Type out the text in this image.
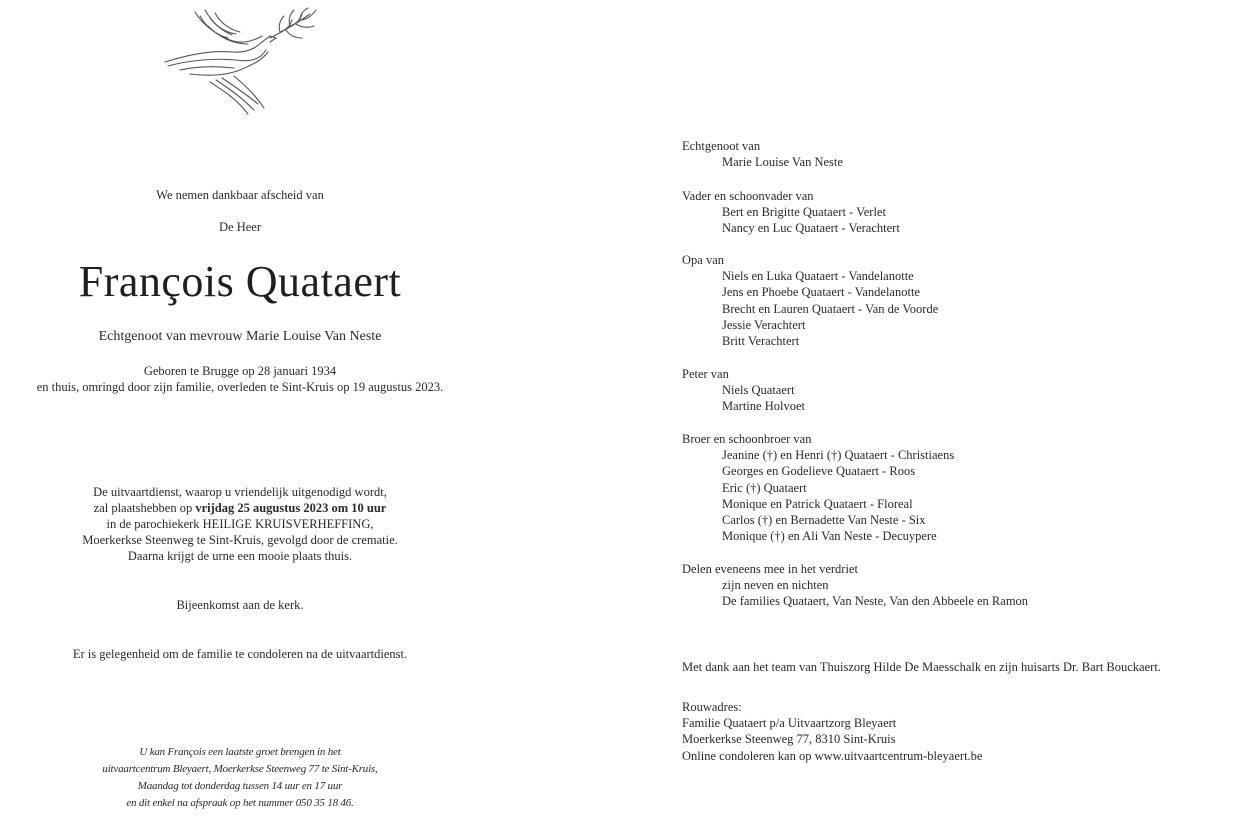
We nemen dankbaar afscheid van
De Heer
François Quataert
Echtgenoot van mevrouw Marie Louise Van Neste
Geboren te Brugge op 28 januari 1934
en thuis, omringd door zijn familie, overleden te Sint-Kruis op 19 augustus 2023.
De uitvaartdienst, waarop u vriendelijk uitgenodigd wordt,
zal plaatshebben op vrijdag 25 augustus 2023 om 10 uur
in de parochiekerk HEILIGE KRUISVERHEFFING,
Moerkerkse Steenweg te Sint-Kruis, gevolgd door de crematie.
Daarna krijgt de urne een mooie plaats thuis.
Bijeenkomst aan de kerk.
Er is gelegenheid om de familie te condoleren na de uitvaartdienst.
U kan François een laatste groet brengen in het
uitvaartcentrum Bleyaert, Moerkerkse Steenweg 77 te Sint-Kruis,
Maandag tot donderdag tussen 14 uur en 17 uur
en dit enkel na afspraak op het nummer 050 35 18 46.
Echtgenoot van
Marie Louise Van Neste
Vader en schoonvader van
Bert en Brigitte Quataert - Verlet
Nancy en Luc Quataert - Verachtert
Opa van
Niels en Luka Quataert - Vandelanotte
Jens en Phoebe Quataert - Vandelanotte
Brecht en Lauren Quataert - Van de Voorde
Jessie Verachtert
Britt Verachtert
Peter van
Niels Quataert
Martine Holvoet
Broer en schoonbroer van
Jeanine (†) en Henri (†) Quataert - Christiaens
Georges en Godelieve Quataert - Roos
Eric (†) Quataert
Monique en Patrick Quataert - Floreal
Carlos (†) en Bernadette Van Neste - Six
Monique (†) en Ali Van Neste - Decuypere
Delen eveneens mee in het verdriet
zijn neven en nichten
De families Quataert, Van Neste, Van den Abbeele en Ramon
Met dank aan het team van Thuiszorg Hilde De Maesschalk en zijn huisarts Dr. Bart Bouckaert.
Rouwadres:
Familie Quataert p/a Uitvaartzorg Bleyaert
Moerkerkse Steenweg 77, 8310 Sint-Kruis
Online condoleren kan op www.uitvaartcentrum-bleyaert.be
